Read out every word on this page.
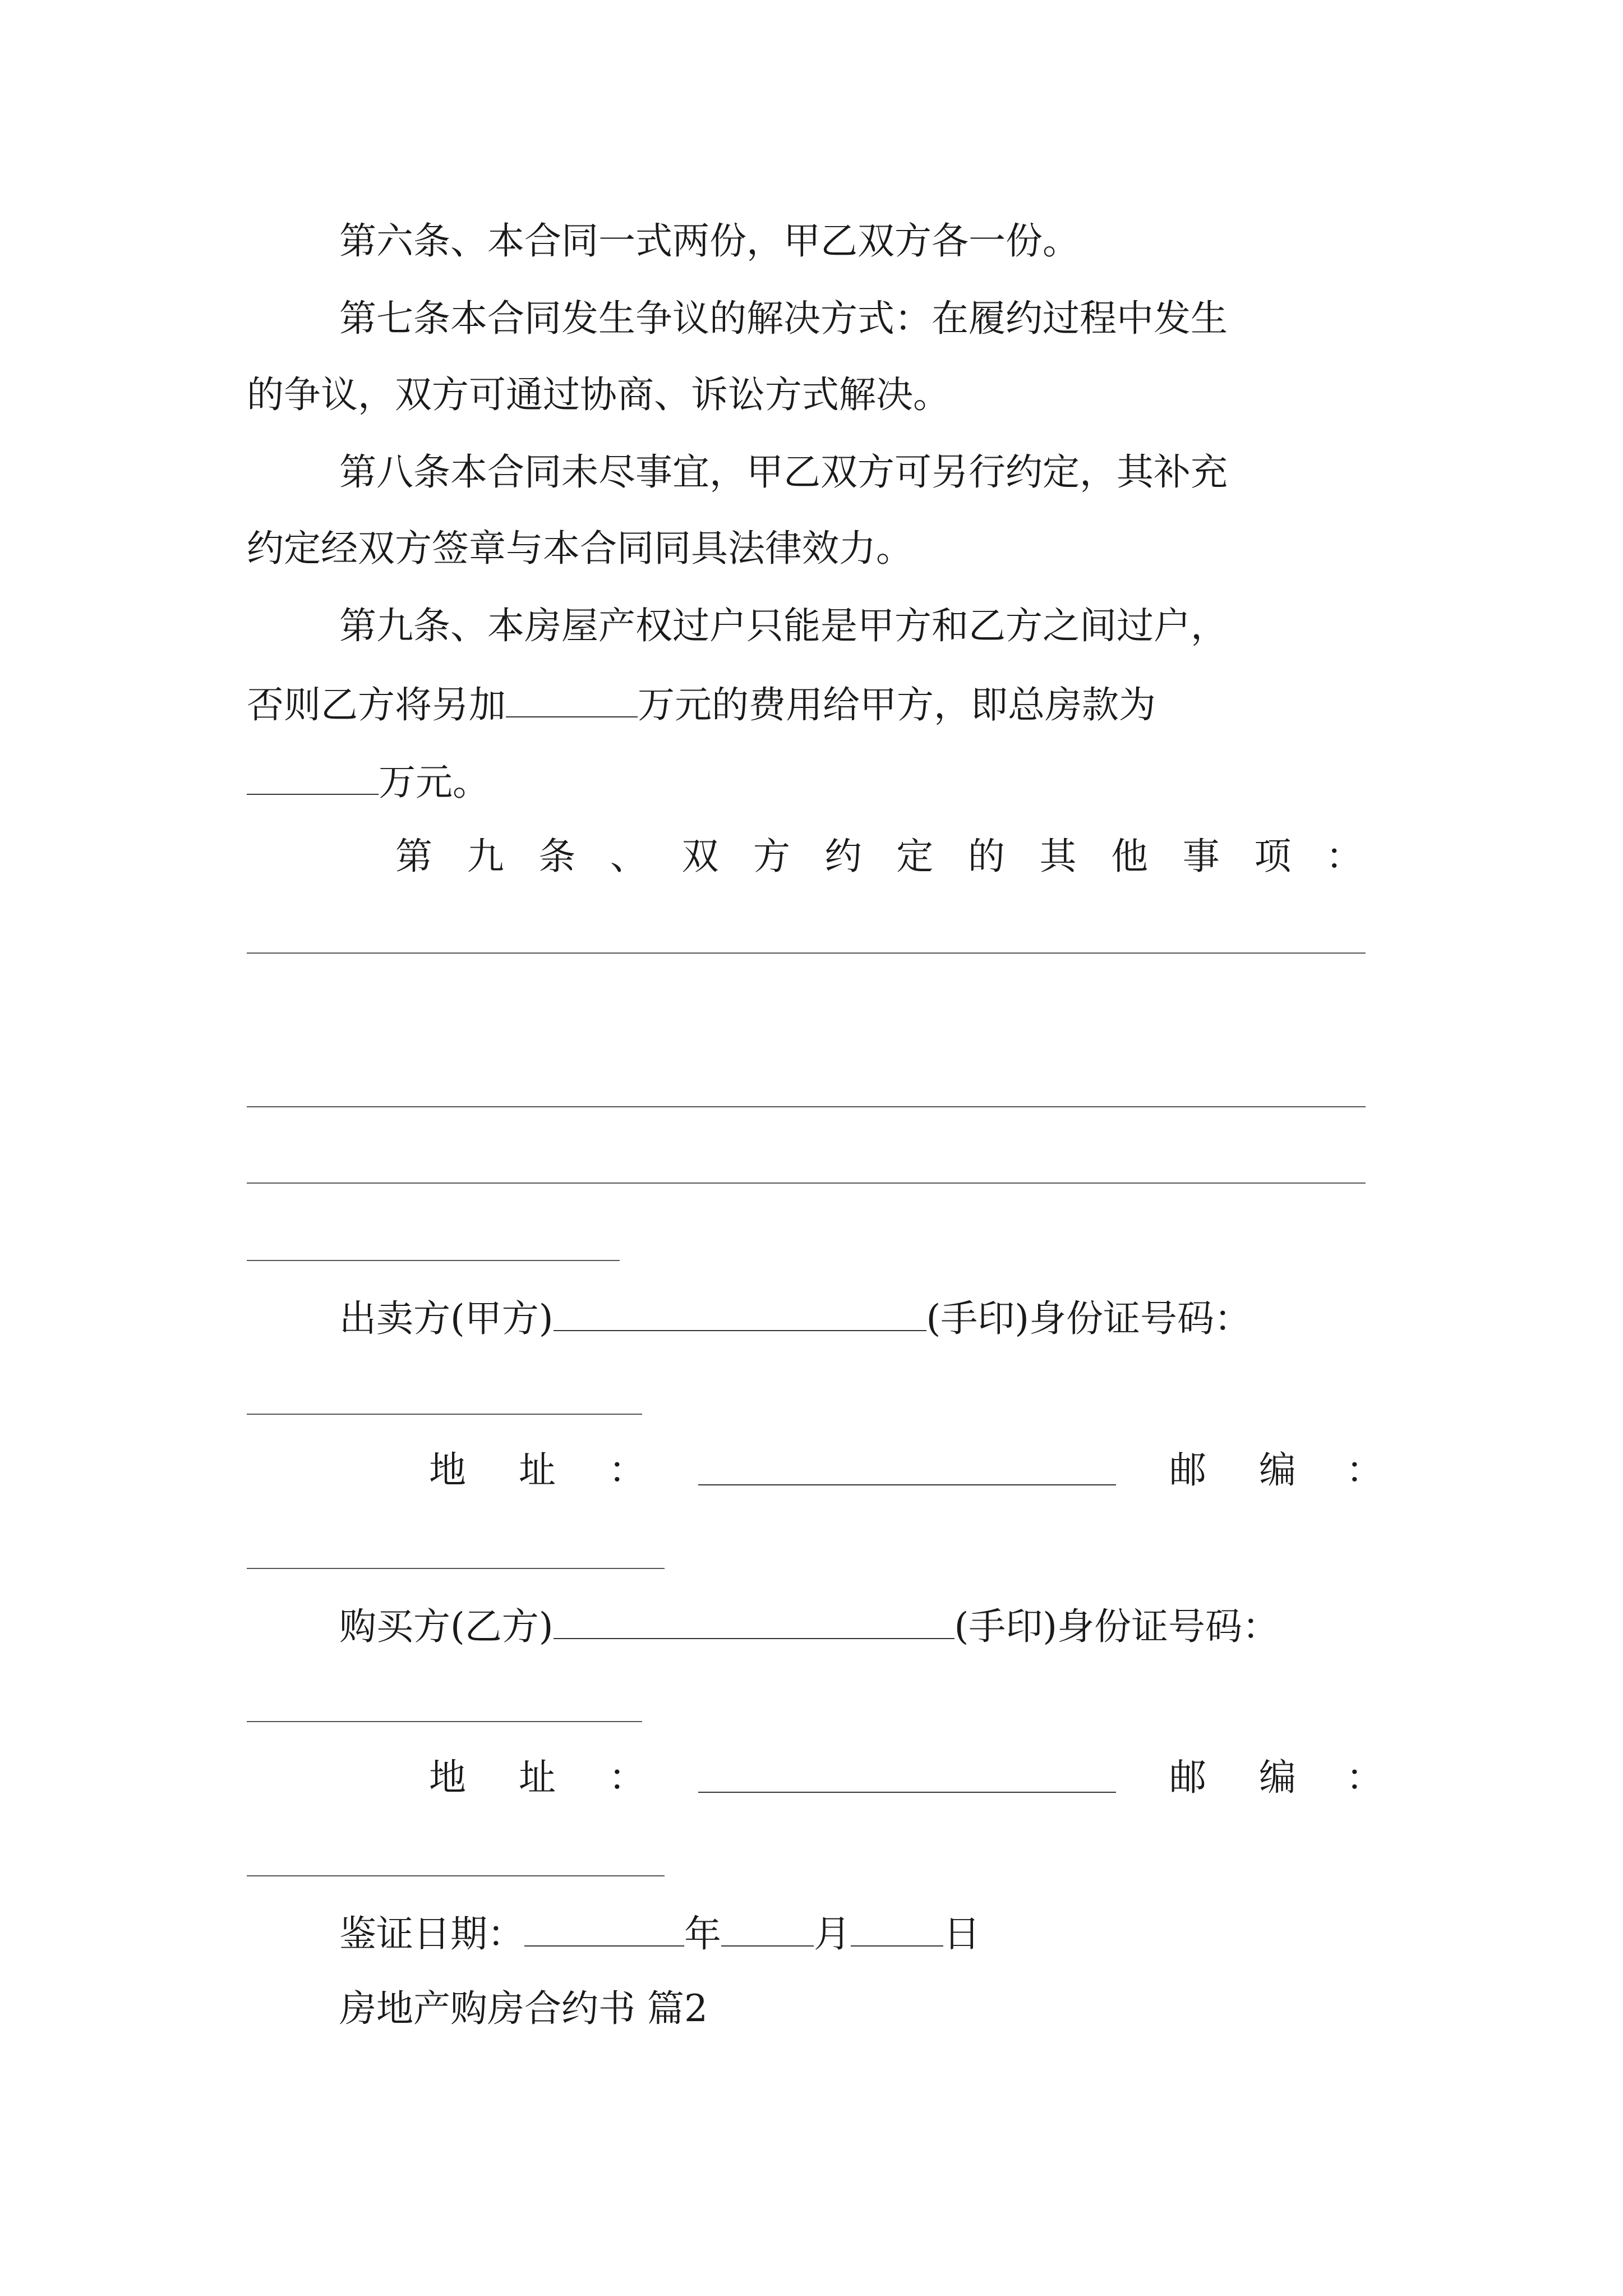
第六条、本合同一式两份，甲乙双方各一份。
第七条本合同发生争议的解决方式：在履约过程中发生
的争议，双方可通过协商、诉讼方式解决。
第八条本合同未尽事宜，甲乙双方可另行约定，其补充
约定经双方签章与本合同同具法律效力。
第九条、本房屋产权过户只能是甲方和乙方之间过户，
否则乙方将另加	万元的费用给甲方，即总房款为
万元。
第 九 条 、 双 方 约 定 的 其 他 事 项 ：
出卖方(甲方)	(手印)身份证号码：
地 址 ：	邮 编 ：
购买方(乙方)	(手印)身份证号码：
地 址 ：	邮 编 ：
鉴证日期：	年	月	日
房地产购房合约书 篇2
